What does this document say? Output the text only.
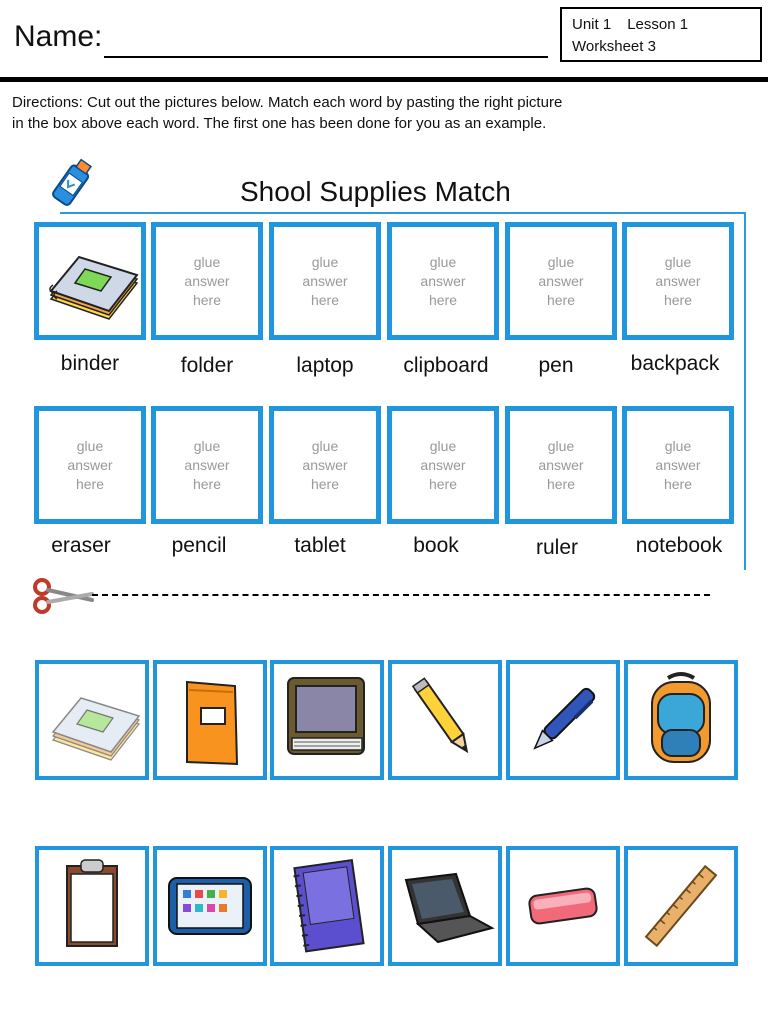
Name:	Unit 1 Lesson 1
Worksheet 3
Directions: Cut out the pictures below. Match each word by pasting the right picture
in the box above each word. The first one has been done for you as an example.
Shool Supplies Match
glue
answer
here
glue
answer
here
glue
answer
here
glue
answer
here
glue
answer
here
binder	folder	laptop	clipboard	pen	backpack
glue
answer
here
glue
answer
here
glue
answer
here
glue
answer
here
glue
answer
here
glue
answer
here
eraser	pencil	tablet	book	ruler	notebook
